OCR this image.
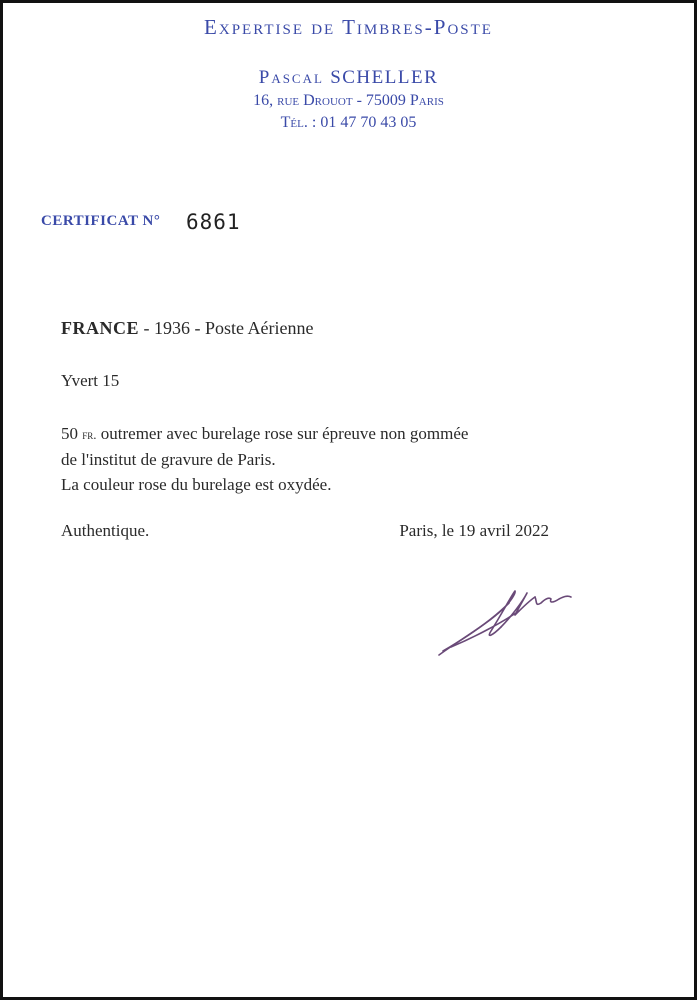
Expertise de Timbres-Poste
Pascal SCHELLER
16, rue Drouot - 75009 Paris
Tél. : 01 47 70 43 05
CERTIFICAT N° 6861
FRANCE - 1936 - Poste Aérienne
Yvert 15
50 fr. outremer avec burelage rose sur épreuve non gommée
de l'institut de gravure de Paris.
La couleur rose du burelage est oxydée.
Authentique.	Paris, le 19 avril 2022
